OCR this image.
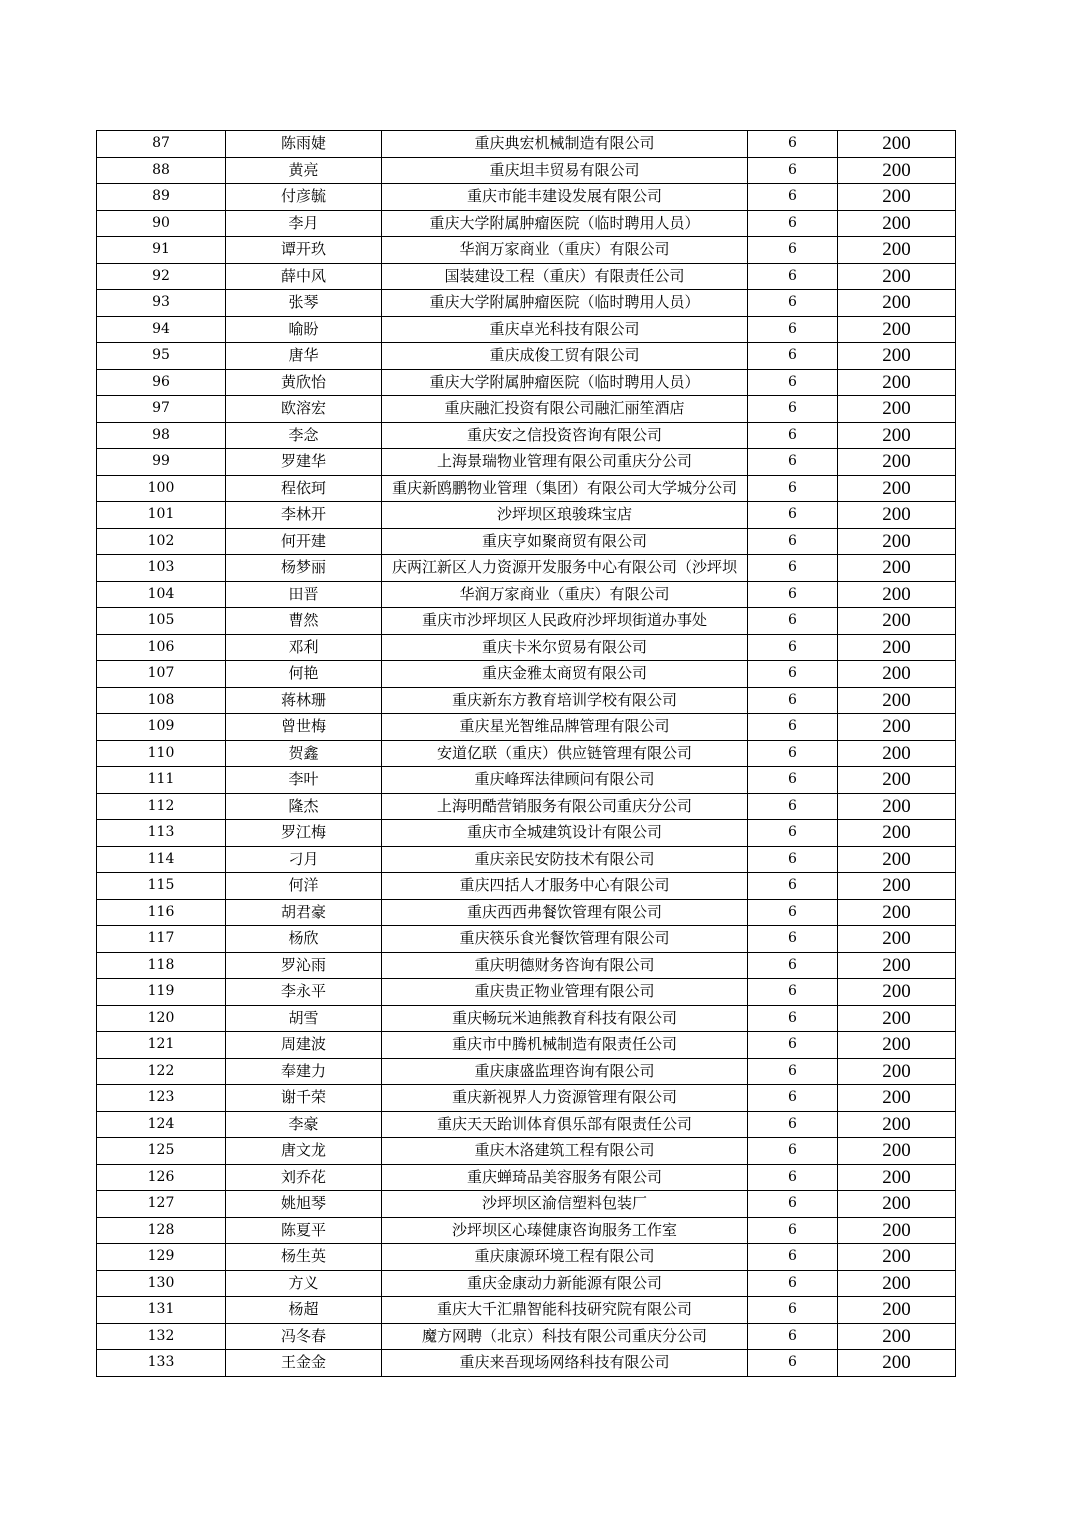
87	陈雨婕	重庆典宏机械制造有限公司	6	200
88	黄亮	重庆坦丰贸易有限公司	6	200
89	付彦毓	重庆市能丰建设发展有限公司	6	200
90	李月	重庆大学附属肿瘤医院（临时聘用人员）	6	200
91	谭开玖	华润万家商业（重庆）有限公司	6	200
92	薛中风	国装建设工程（重庆）有限责任公司	6	200
93	张琴	重庆大学附属肿瘤医院（临时聘用人员）	6	200
94	喻盼	重庆卓光科技有限公司	6	200
95	唐华	重庆成俊工贸有限公司	6	200
96	黄欣怡	重庆大学附属肿瘤医院（临时聘用人员）	6	200
97	欧溶宏	重庆融汇投资有限公司融汇丽笙酒店	6	200
98	李念	重庆安之信投资咨询有限公司	6	200
99	罗建华	上海景瑞物业管理有限公司重庆分公司	6	200
100	程依珂	重庆新鸥鹏物业管理（集团）有限公司大学城分公司	6	200
101	李林开	沙坪坝区琅骏珠宝店	6	200
102	何开建	重庆亨如聚商贸有限公司	6	200
103	杨梦丽	庆两江新区人力资源开发服务中心有限公司（沙坪坝	6	200
104	田晋	华润万家商业（重庆）有限公司	6	200
105	曹然	重庆市沙坪坝区人民政府沙坪坝街道办事处	6	200
106	邓利	重庆卡米尔贸易有限公司	6	200
107	何艳	重庆金雅太商贸有限公司	6	200
108	蒋林珊	重庆新东方教育培训学校有限公司	6	200
109	曾世梅	重庆星光智维品牌管理有限公司	6	200
110	贺鑫	安道亿联（重庆）供应链管理有限公司	6	200
111	李叶	重庆峰珲法律顾问有限公司	6	200
112	隆杰	上海明酷营销服务有限公司重庆分公司	6	200
113	罗江梅	重庆市全城建筑设计有限公司	6	200
114	刁月	重庆亲民安防技术有限公司	6	200
115	何洋	重庆四括人才服务中心有限公司	6	200
116	胡君豪	重庆西西弗餐饮管理有限公司	6	200
117	杨欣	重庆筷乐食光餐饮管理有限公司	6	200
118	罗沁雨	重庆明德财务咨询有限公司	6	200
119	李永平	重庆贵正物业管理有限公司	6	200
120	胡雪	重庆畅玩米迪熊教育科技有限公司	6	200
121	周建波	重庆市中腾机械制造有限责任公司	6	200
122	奉建力	重庆康盛监理咨询有限公司	6	200
123	谢千荣	重庆新视界人力资源管理有限公司	6	200
124	李豪	重庆天天跆训体育俱乐部有限责任公司	6	200
125	唐文龙	重庆木洛建筑工程有限公司	6	200
126	刘乔花	重庆蝉琦品美容服务有限公司	6	200
127	姚旭琴	沙坪坝区渝信塑料包装厂	6	200
128	陈夏平	沙坪坝区心瑧健康咨询服务工作室	6	200
129	杨生英	重庆康源环境工程有限公司	6	200
130	方义	重庆金康动力新能源有限公司	6	200
131	杨超	重庆大千汇鼎智能科技研究院有限公司	6	200
132	冯冬春	魔方网聘（北京）科技有限公司重庆分公司	6	200
133	王金金	重庆来吾现场网络科技有限公司	6	200
